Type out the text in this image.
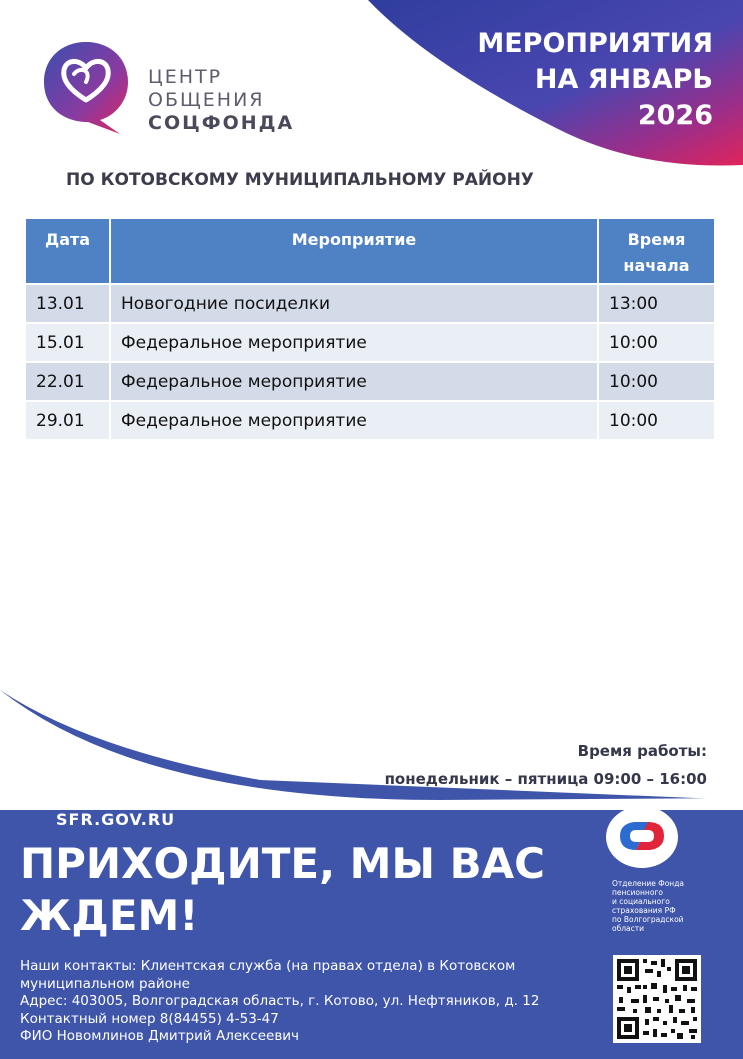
МЕРОПРИЯТИЯ
НА ЯНВАРЬ
2026
ЦЕНТР
ОБЩЕНИЯ
СОЦФОНДА
ПО КОТОВСКОМУ МУНИЦИПАЛЬНОМУ РАЙОНУ
Дата	Мероприятие	Время
начала

13.01	Новогодние посиделки	13:00
15.01	Федеральное мероприятие	10:00
22.01	Федеральное мероприятие	10:00
29.01	Федеральное мероприятие	10:00
Время работы:
понедельник – пятница 09:00 – 16:00
SFR.GOV.RU
ПРИХОДИТЕ, МЫ ВАС
ЖДЕМ!
Наши контакты: Клиентская служба (на правах отдела) в Котовском
муниципальном районе
Адрес: 403005, Волгоградская область, г. Котово, ул. Нефтяников, д. 12
Контактный номер 8(84455) 4-53-47
ФИО Новомлинов Дмитрий Алексеевич
Отделение Фонда
пенсионного
и социального
страхования РФ
по Волгоградской
области
